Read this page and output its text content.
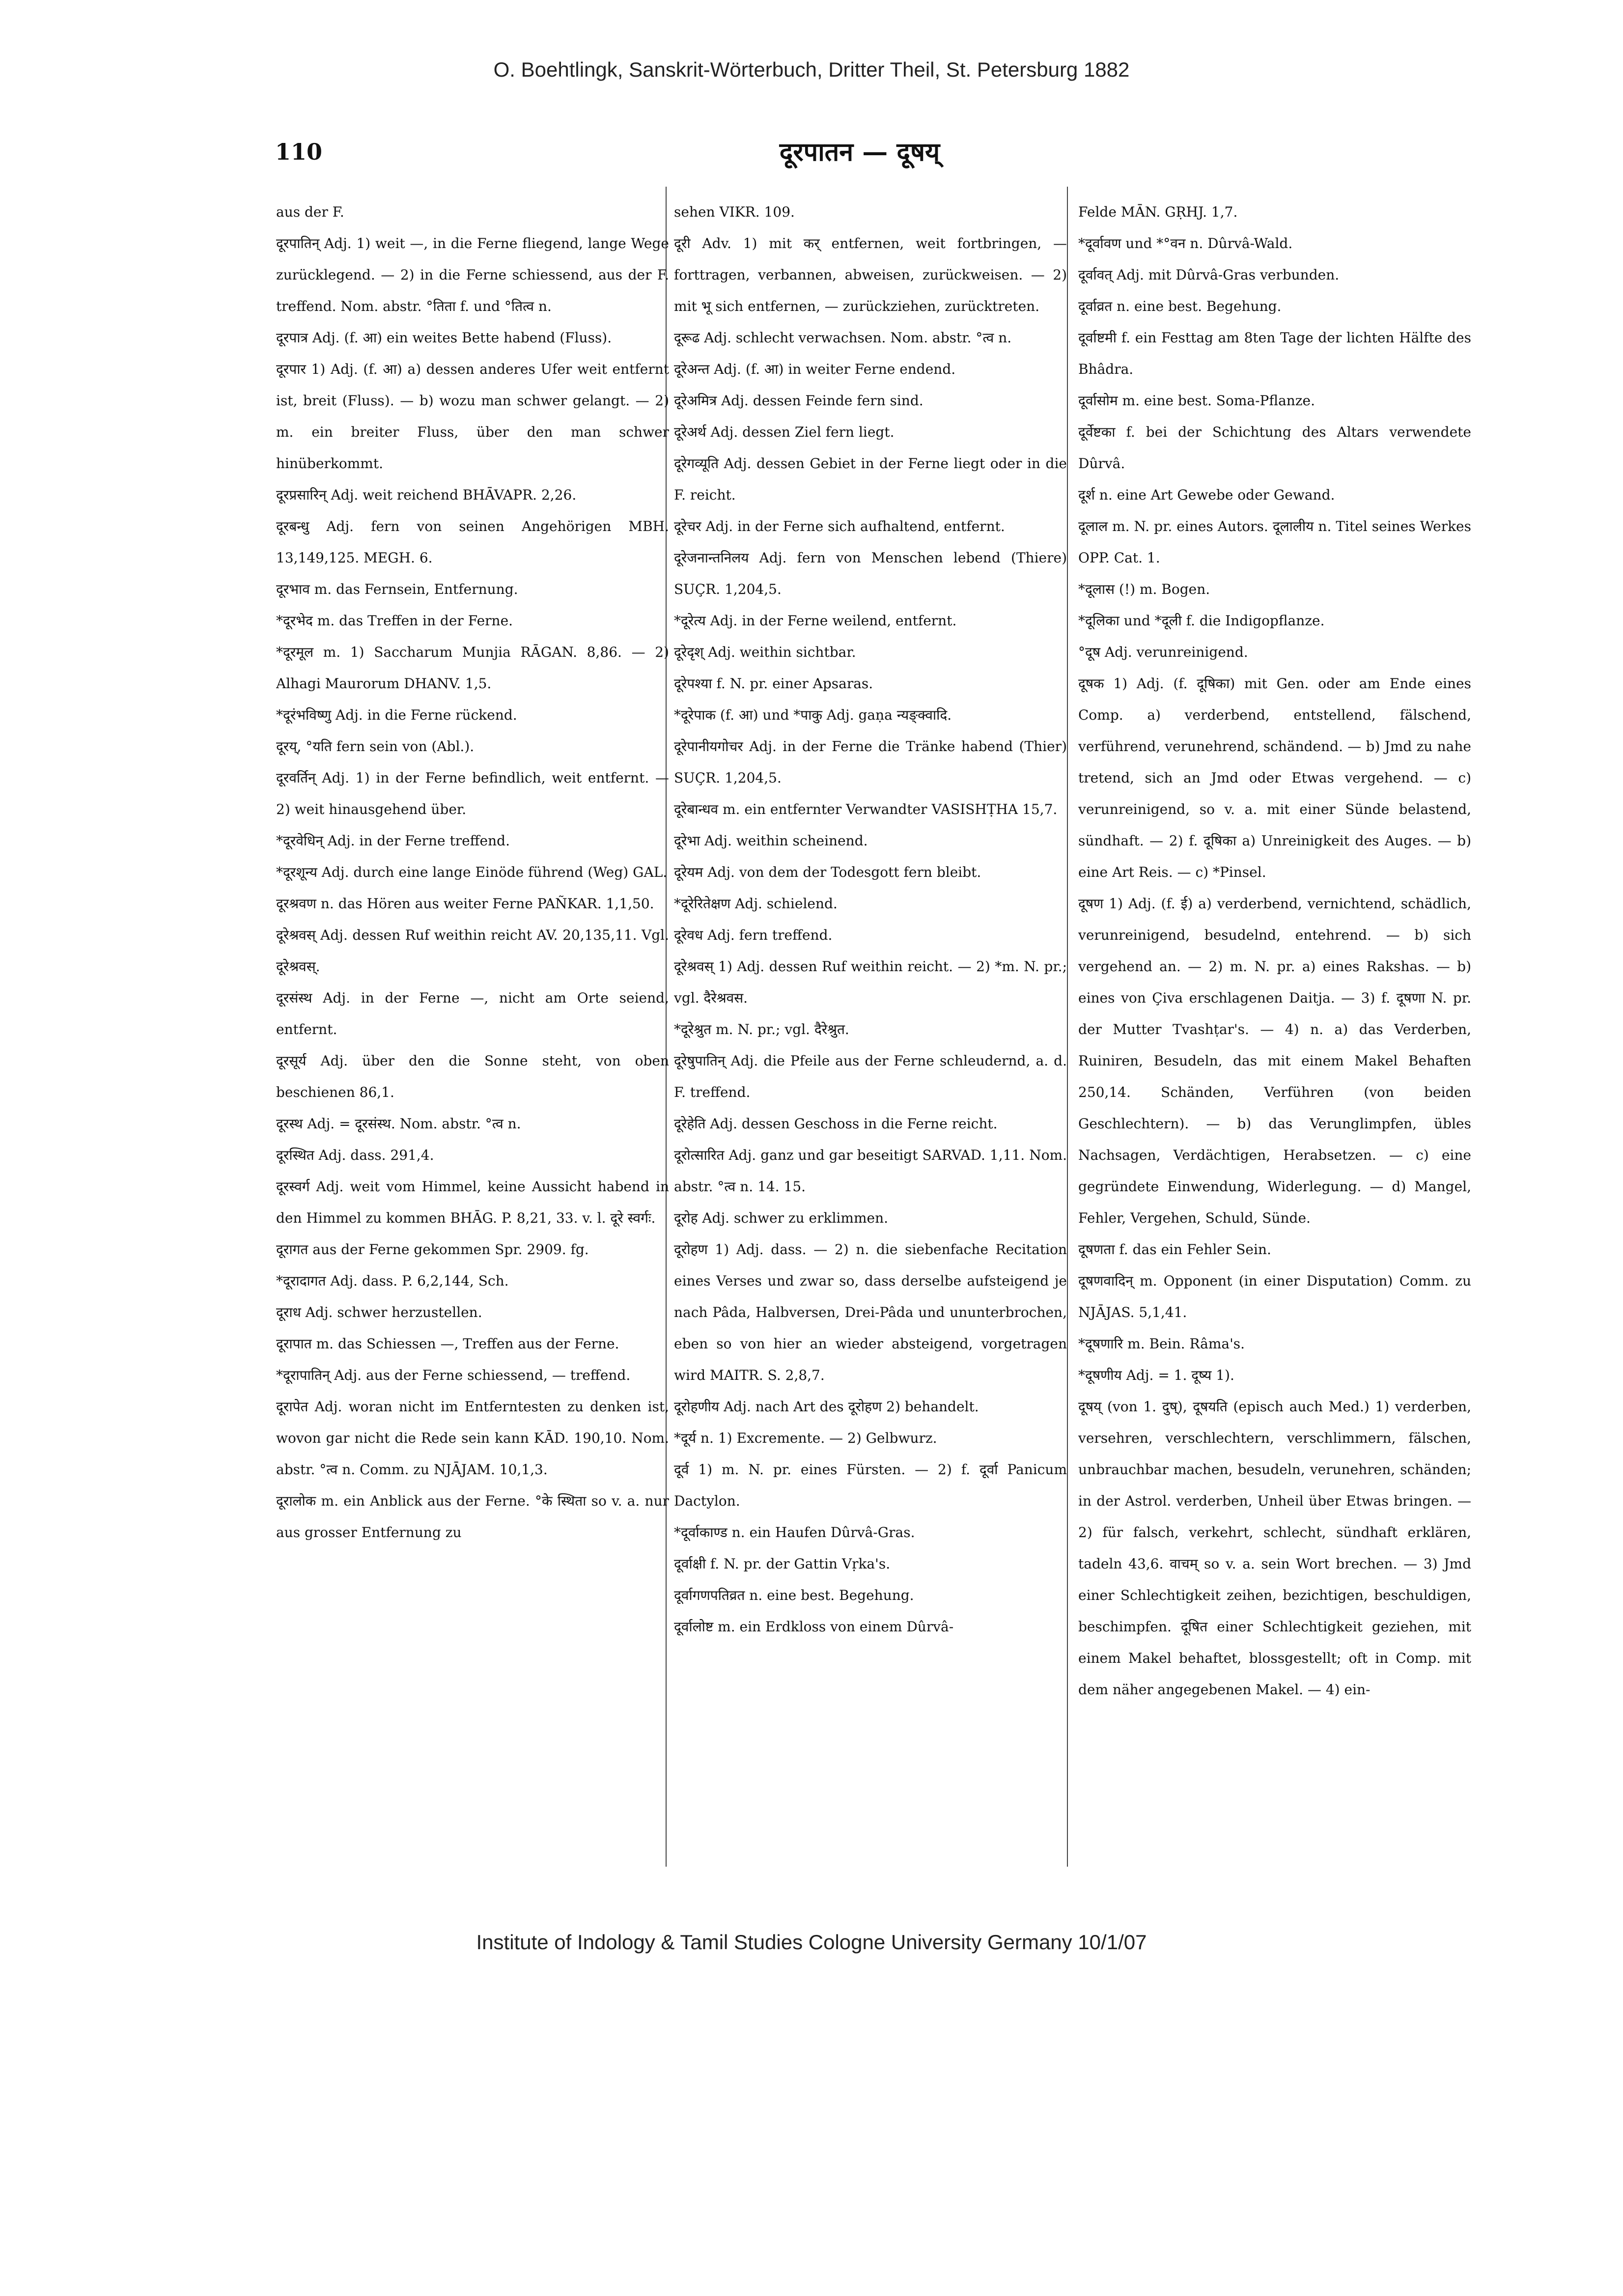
O. Boehtlingk, Sanskrit-Wörterbuch, Dritter Theil, St. Petersburg 1882
110	दूरपातन — दूषय्

aus der F.

दूरपातिन् Adj. 1) weit —, in die Ferne fliegend, lange Wege zurücklegend. — 2) in die Ferne schiessend, aus der F. treffend. Nom. abstr. °तिता f. und °तित्व n.

दूरपात्र Adj. (f. आ) ein weites Bette habend (Fluss).

दूरपार 1) Adj. (f. आ) a) dessen anderes Ufer weit entfernt ist, breit (Fluss). — b) wozu man schwer gelangt. — 2) m. ein breiter Fluss, über den man schwer hinüberkommt.

दूरप्रसारिन् Adj. weit reichend BHĀVAPR. 2,26.

दूरबन्धु Adj. fern von seinen Angehörigen MBH. 13,149,125. MEGH. 6.

दूरभाव m. das Fernsein, Entfernung.

*दूरभेद m. das Treffen in der Ferne.

*दूरमूल m. 1) Saccharum Munjia RĀGAN. 8,86. — 2) Alhagi Maurorum DHANV. 1,5.

*दूरंभविष्णु Adj. in die Ferne rückend.

दूरय्, °यति fern sein von (Abl.).

दूरवर्तिन् Adj. 1) in der Ferne befindlich, weit entfernt. — 2) weit hinausgehend über.

*दूरवेधिन् Adj. in der Ferne treffend.

*दूरशून्य Adj. durch eine lange Einöde führend (Weg) GAL.

दूरश्रवण n. das Hören aus weiter Ferne PAÑKAR. 1,1,50.

दूरेश्रवस् Adj. dessen Ruf weithin reicht AV. 20,135,11. Vgl. दूरेश्रवस्.

दूरसंस्थ Adj. in der Ferne —, nicht am Orte seiend, entfernt.

दूरसूर्य Adj. über den die Sonne steht, von oben beschienen 86,1.

दूरस्थ Adj. = दूरसंस्थ. Nom. abstr. °त्व n.

दूरस्थित Adj. dass. 291,4.

दूरस्वर्ग Adj. weit vom Himmel, keine Aussicht habend in den Himmel zu kommen BHĀG. P. 8,21, 33. v. l. दूरे स्वर्गः.

दूरागत aus der Ferne gekommen Spr. 2909. fg.

*दूरादागत Adj. dass. P. 6,2,144, Sch.

दूराध Adj. schwer herzustellen.

दूरापात m. das Schiessen —, Treffen aus der Ferne.

*दूरापातिन् Adj. aus der Ferne schiessend, — treffend.

दूरापेत Adj. woran nicht im Entferntesten zu denken ist, wovon gar nicht die Rede sein kann KĀD. 190,10. Nom. abstr. °त्व n. Comm. zu NJĀJAM. 10,1,3.

दूरालोक m. ein Anblick aus der Ferne. °के स्थिता so v. a. nur aus grosser Entfernung zu

sehen VIKR. 109.

दूरी Adv. 1) mit कर् entfernen, weit fortbringen, — forttragen, verbannen, abweisen, zurückweisen. — 2) mit भू sich entfernen, — zurückziehen, zurücktreten.

दूरूढ Adj. schlecht verwachsen. Nom. abstr. °त्व n.

दूरेअन्त Adj. (f. आ) in weiter Ferne endend.

दूरेअमित्र Adj. dessen Feinde fern sind.

दूरेअर्थ Adj. dessen Ziel fern liegt.

दूरेगव्यूति Adj. dessen Gebiet in der Ferne liegt oder in die F. reicht.

दूरेचर Adj. in der Ferne sich aufhaltend, entfernt.

दूरेजनान्तनिलय Adj. fern von Menschen lebend (Thiere) SUÇR. 1,204,5.

*दूरेत्य Adj. in der Ferne weilend, entfernt.

दूरेदृश् Adj. weithin sichtbar.

दूरेपश्या f. N. pr. einer Apsaras.

*दूरेपाक (f. आ) und *पाकु Adj. gaṇa न्यङ्क्वादि.

दूरेपानीयगोचर Adj. in der Ferne die Tränke habend (Thier) SUÇR. 1,204,5.

दूरेबान्धव m. ein entfernter Verwandter VASISHṬHA 15,7.

दूरेभा Adj. weithin scheinend.

दूरेयम Adj. von dem der Todesgott fern bleibt.

*दूरेरितेक्षण Adj. schielend.

दूरेवध Adj. fern treffend.

दूरेश्रवस् 1) Adj. dessen Ruf weithin reicht. — 2) *m. N. pr.; vgl. दैरेश्रवस.

*दूरेश्रुत m. N. pr.; vgl. दैरेश्रुत.

दूरेषुपातिन् Adj. die Pfeile aus der Ferne schleudernd, a. d. F. treffend.

दूरेहेति Adj. dessen Geschoss in die Ferne reicht.

दूरोत्सारित Adj. ganz und gar beseitigt SARVAD. 1,11. Nom. abstr. °त्व n. 14. 15.

दूरोह Adj. schwer zu erklimmen.

दूरोहण 1) Adj. dass. — 2) n. die siebenfache Recitation eines Verses und zwar so, dass derselbe aufsteigend je nach Pâda, Halbversen, Drei-Pâda und ununterbrochen, eben so von hier an wieder absteigend, vorgetragen wird MAITR. S. 2,8,7.

दूरोहणीय Adj. nach Art des दूरोहण 2) behandelt.

*दूर्य n. 1) Excremente. — 2) Gelbwurz.

दूर्व 1) m. N. pr. eines Fürsten. — 2) f. दूर्वा Panicum Dactylon.

*दूर्वाकाण्ड n. ein Haufen Dûrvâ-Gras.

दूर्वाक्षी f. N. pr. der Gattin Vṛka's.

दूर्वागणपतिव्रत n. eine best. Begehung.

दूर्वालोष्ट m. ein Erdkloss von einem Dûrvâ-

Felde MĀN. GṚHJ. 1,7.

*दूर्वावण und *°वन n. Dûrvâ-Wald.

दूर्वावत् Adj. mit Dûrvâ-Gras verbunden.

दूर्वाव्रत n. eine best. Begehung.

दूर्वाष्टमी f. ein Festtag am 8ten Tage der lichten Hälfte des Bhâdra.

दूर्वासोम m. eine best. Soma-Pflanze.

दूर्वेष्टका f. bei der Schichtung des Altars verwendete Dûrvâ.

दूर्श n. eine Art Gewebe oder Gewand.

दूलाल m. N. pr. eines Autors. दूलालीय n. Titel seines Werkes OPP. Cat. 1.

*दूलास (!) m. Bogen.

*दूलिका und *दूली f. die Indigopflanze.

°दूष Adj. verunreinigend.

दूषक 1) Adj. (f. दूषिका) mit Gen. oder am Ende eines Comp. a) verderbend, entstellend, fälschend, verführend, verunehrend, schändend. — b) Jmd zu nahe tretend, sich an Jmd oder Etwas vergehend. — c) verunreinigend, so v. a. mit einer Sünde belastend, sündhaft. — 2) f. दूषिका a) Unreinigkeit des Auges. — b) eine Art Reis. — c) *Pinsel.

दूषण 1) Adj. (f. ई) a) verderbend, vernichtend, schädlich, verunreinigend, besudelnd, entehrend. — b) sich vergehend an. — 2) m. N. pr. a) eines Rakshas. — b) eines von Çiva erschlagenen Daitja. — 3) f. दूषणा N. pr. der Mutter Tvashṭar's. — 4) n. a) das Verderben, Ruiniren, Besudeln, das mit einem Makel Behaften 250,14. Schänden, Verführen (von beiden Geschlechtern). — b) das Verunglimpfen, übles Nachsagen, Verdächtigen, Herabsetzen. — c) eine gegründete Einwendung, Widerlegung. — d) Mangel, Fehler, Vergehen, Schuld, Sünde.

दूषणता f. das ein Fehler Sein.

दूषणवादिन् m. Opponent (in einer Disputation) Comm. zu NJĀJAS. 5,1,41.

*दूषणारि m. Bein. Râma's.

*दूषणीय Adj. = 1. दूष्य 1).

दूषय् (von 1. दुष्), दूषयति (episch auch Med.) 1) verderben, versehren, verschlechtern, verschlimmern, fälschen, unbrauchbar machen, besudeln, verunehren, schänden; in der Astrol. verderben, Unheil über Etwas bringen. — 2) für falsch, verkehrt, schlecht, sündhaft erklären, tadeln 43,6. वाचम् so v. a. sein Wort brechen. — 3) Jmd einer Schlechtigkeit zeihen, bezichtigen, beschuldigen, beschimpfen. दूषित einer Schlechtigkeit geziehen, mit einem Makel behaftet, blossgestellt; oft in Comp. mit dem näher angegebenen Makel. — 4) ein-

Institute of Indology & Tamil Studies Cologne University Germany 10/1/07
